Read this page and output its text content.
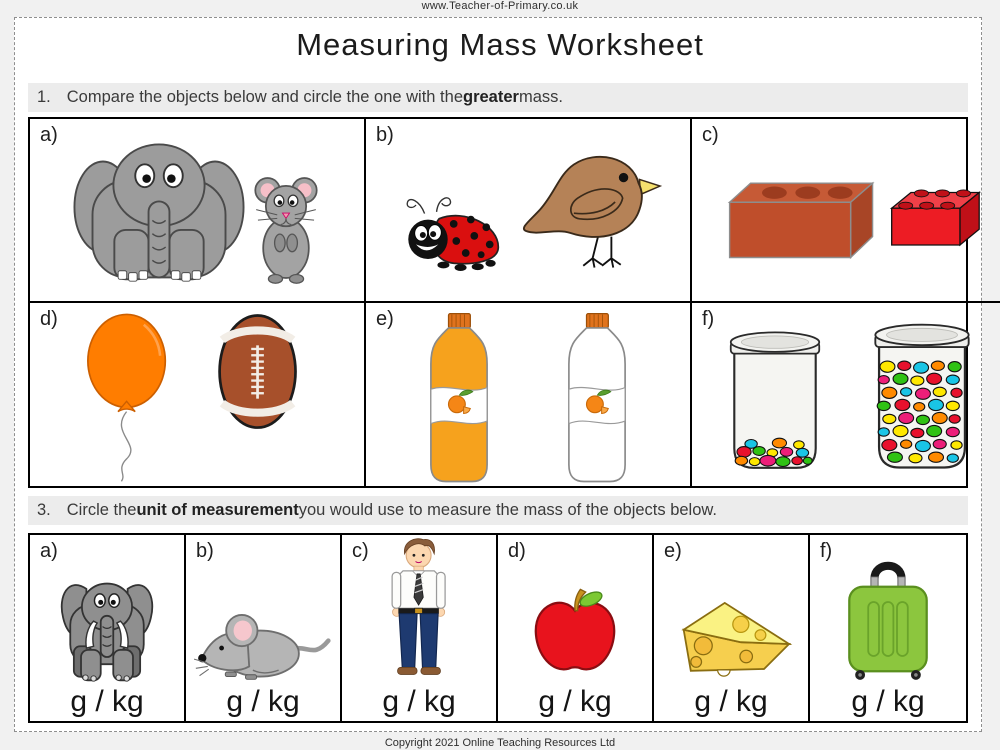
www.Teacher-of-Primary.co.uk
Measuring Mass Worksheet
1. Compare the objects below and circle the one with the greater mass.
a)	b)	c)
d)	e)	f)
3. Circle the unit of measurement you would use to measure the mass of the objects below.
a)
g / kg
b)
g / kg
c)
g / kg
d)
g / kg
e)
g / kg
f)
g / kg
Copyright 2021 Online Teaching Resources Ltd
